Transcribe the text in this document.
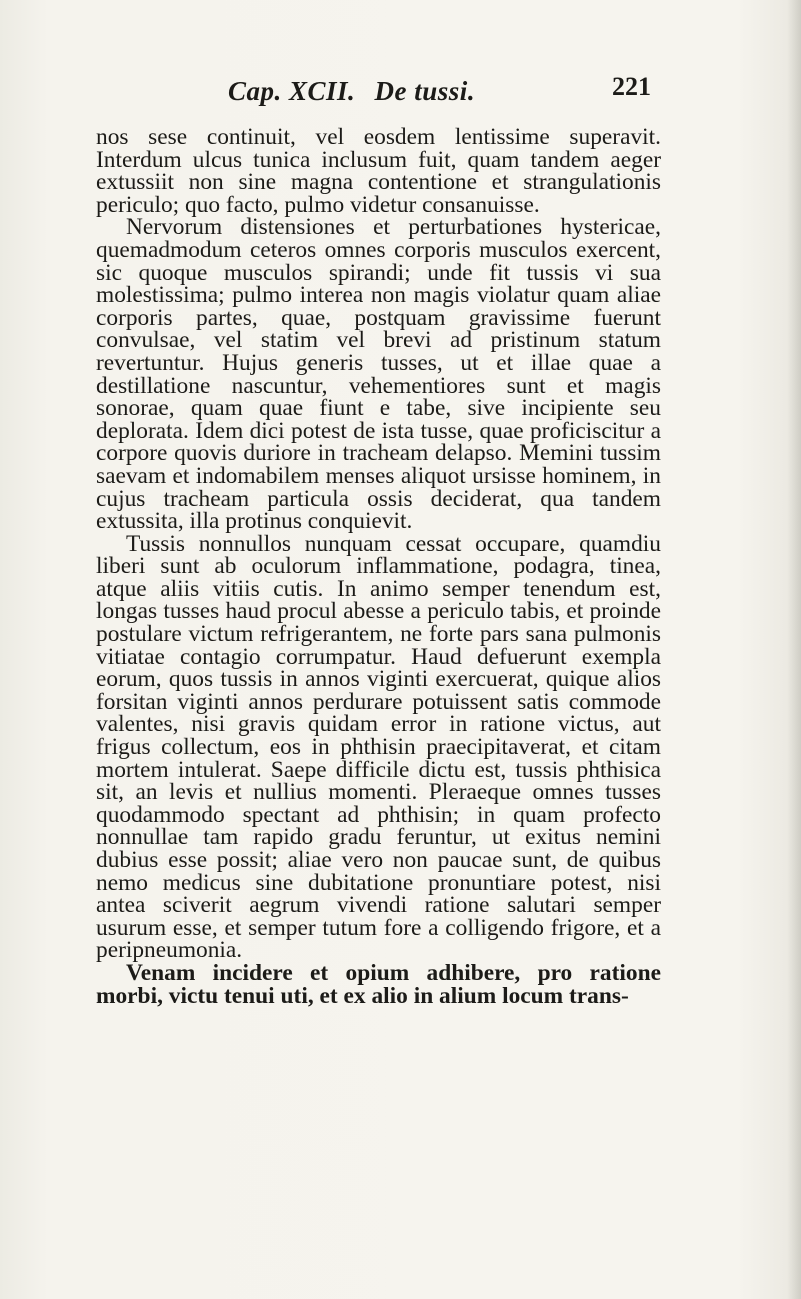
Cap. XCII. De tussi.	221

nos sese continuit, vel eosdem lentissime superavit. Interdum ulcus tunica inclusum fuit, quam tandem aeger extussiit non sine magna contentione et strangulationis periculo; quo facto, pulmo videtur consanuisse.

Nervorum distensiones et perturbationes hystericae, quemadmodum ceteros omnes corporis musculos exercent, sic quoque musculos spirandi; unde fit tussis vi sua molestissima; pulmo interea non magis violatur quam aliae corporis partes, quae, postquam gravissime fuerunt convulsae, vel statim vel brevi ad pristinum statum revertuntur. Hujus generis tusses, ut et illae quae a destillatione nascuntur, vehementiores sunt et magis sonorae, quam quae fiunt e tabe, sive incipiente seu deplorata. Idem dici potest de ista tusse, quae proficiscitur a corpore quovis duriore in tracheam delapso. Memini tussim saevam et indomabilem menses aliquot ursisse hominem, in cujus tracheam particula ossis deciderat, qua tandem extussita, illa protinus conquievit.

Tussis nonnullos nunquam cessat occupare, quamdiu liberi sunt ab oculorum inflammatione, podagra, tinea, atque aliis vitiis cutis. In animo semper tenendum est, longas tusses haud procul abesse a periculo tabis, et proinde postulare victum refrigerantem, ne forte pars sana pulmonis vitiatae contagio corrumpatur. Haud defuerunt exempla eorum, quos tussis in annos viginti exercuerat, quique alios forsitan viginti annos perdurare potuissent satis commode valentes, nisi gravis quidam error in ratione victus, aut frigus collectum, eos in phthisin praecipitaverat, et citam mortem intulerat. Saepe difficile dictu est, tussis phthisica sit, an levis et nullius momenti. Pleraeque omnes tusses quodammodo spectant ad phthisin; in quam profecto nonnullae tam rapido gradu feruntur, ut exitus nemini dubius esse possit; aliae vero non paucae sunt, de quibus nemo medicus sine dubitatione pronuntiare potest, nisi antea sciverit aegrum vivendi ratione salutari semper usurum esse, et semper tutum fore a colligendo frigore, et a peripneumonia.

Venam incidere et opium adhibere, pro ratione morbi, victu tenui uti, et ex alio in alium locum trans-
